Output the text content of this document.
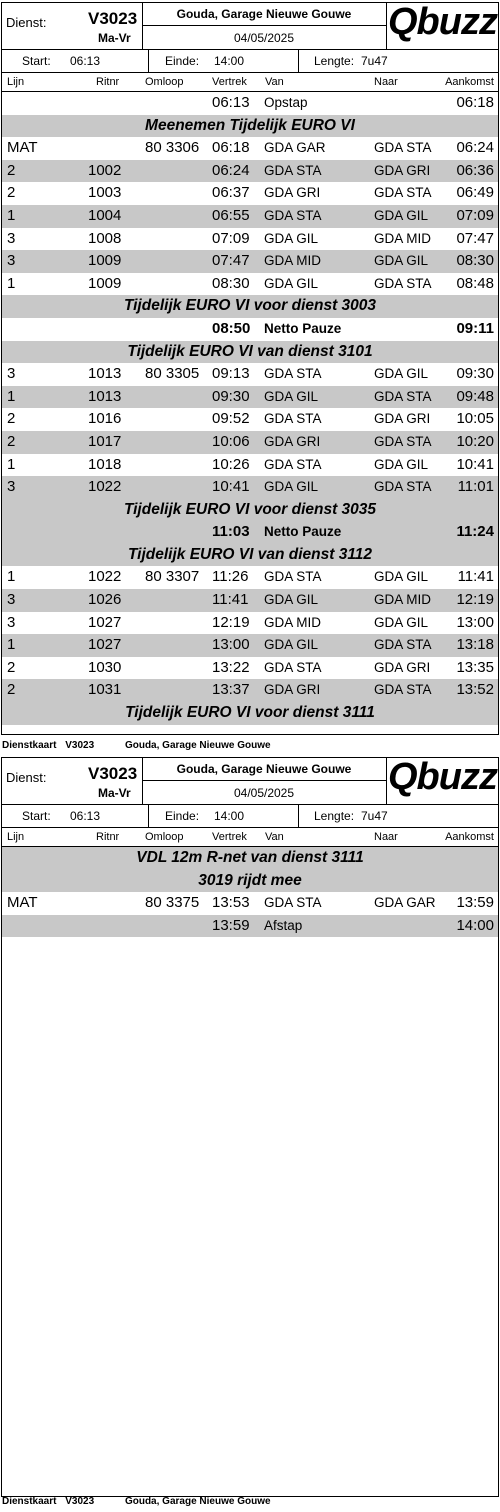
Dienst: V3023
Ma-Vr
Gouda, Garage Nieuwe Gouwe
04/05/2025	Qbuzz
Start: 06:13	Einde: 14:00	Lengte: 7u47
Lijn	Ritnr Omloop	Vertrek Van	Naar	Aankomst
06:13 Opstap	06:18
Meenemen Tijdelijk EURO VI
MAT	80 3306 06:18 GDA GAR	GDA STA 06:24
2	1002	06:24 GDA STA	GDA GRI 06:36
2	1003	06:37 GDA GRI	GDA STA 06:49
1	1004	06:55 GDA STA	GDA GIL 07:09
3	1008	07:09 GDA GIL	GDA MID 07:47
3	1009	07:47 GDA MID	GDA GIL 08:30
1	1009	08:30 GDA GIL	GDA STA 08:48
Tijdelijk EURO VI voor dienst 3003
08:50 Netto Pauze	09:11
Tijdelijk EURO VI van dienst 3101
3	1013 80 3305 09:13 GDA STA	GDA GIL 09:30
1	1013	09:30 GDA GIL	GDA STA 09:48
2	1016	09:52 GDA STA	GDA GRI 10:05
2	1017	10:06 GDA GRI	GDA STA 10:20
1	1018	10:26 GDA STA	GDA GIL 10:41
3	1022	10:41 GDA GIL	GDA STA 11:01
Tijdelijk EURO VI voor dienst 3035
11:03 Netto Pauze	11:24
Tijdelijk EURO VI van dienst 3112
1	1022 80 3307 11:26 GDA STA	GDA GIL 11:41
3	1026	11:41 GDA GIL	GDA MID 12:19
3	1027	12:19 GDA MID	GDA GIL 13:00
1	1027	13:00 GDA GIL	GDA STA 13:18
2	1030	13:22 GDA STA	GDA GRI 13:35
2	1031	13:37 GDA GRI	GDA STA 13:52
Tijdelijk EURO VI voor dienst 3111
Dienstkaart V3023	Gouda, Garage Nieuwe Gouwe
Dienst: V3023
Ma-Vr
Gouda, Garage Nieuwe Gouwe
04/05/2025	Qbuzz
Start: 06:13	Einde: 14:00	Lengte: 7u47
Lijn	Ritnr Omloop	Vertrek Van	Naar	Aankomst
VDL 12m R-net van dienst 3111
3019 rijdt mee
MAT	80 3375 13:53 GDA STA	GDA GAR 13:59
13:59 Afstap	14:00
Dienstkaart V3023	Gouda, Garage Nieuwe Gouwe
